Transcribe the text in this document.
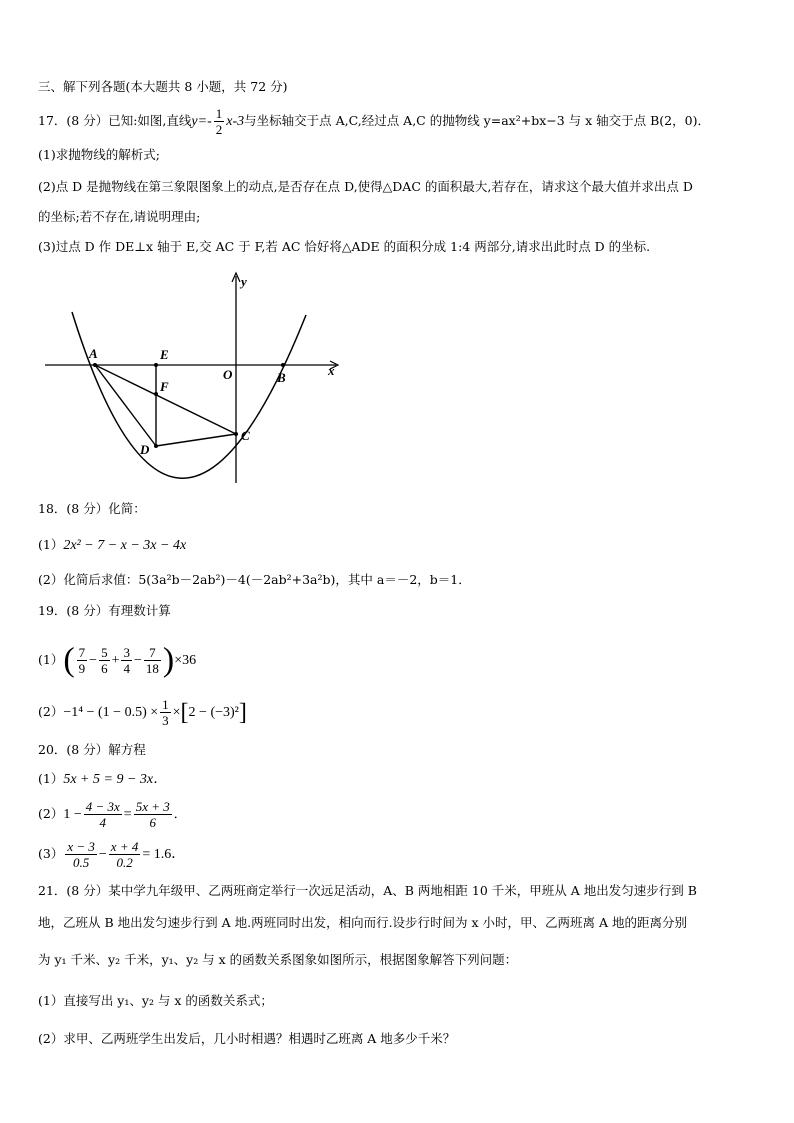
三、解下列各题(本大题共 8 小题，共 72 分)
17．(8 分）已知:如图,直线$y=- \frac{1}{2} x-3$与坐标轴交于点 A,C,经过点 A,C 的抛物线 y=ax²+bx−3 与 x 轴交于点 B(2，0)．
(1)求抛物线的解析式;
(2)点 D 是抛物线在第三象限图象上的动点,是否存在点 D,使得△DAC 的面积最大,若存在，请求这个最大值并求出点 D
的坐标;若不存在,请说明理由;
(3)过点 D 作 DE⊥x 轴于 E,交 AC 于 F,若 AC 恰好将△ADE 的面积分成 1:4 两部分,请求出此时点 D 的坐标.
y
x
O
A
B
C
D
E
F
18．(8 分）化简：
(1）2x² − 7 − x − 3x − 4x
(2）化简后求值：5(3a²b－2ab²)－4(－2ab²+3a²b)，其中 a＝－2，b＝1．
19．(8 分）有理数计算
$(1)( \frac{7}{9} - \frac{5}{6} + \frac{3}{4} - \frac{7}{18} )\times 36$
$(2)-1^4 - (1 - 0.5) \times \frac{1}{3} \times[2 - (-3)^2]$
20．(8 分）解方程
(1）5x + 5 = 9 − 3x．
$(2)1 - \frac{4 - 3x}{4} = \frac{5x + 3}{6}$ ．
$(3) \frac{x - 3}{0.5} - \frac{x + 4}{0.2} = 1.6$．
21．(8 分）某中学九年级甲、乙两班商定举行一次远足活动，A、B 两地相距 10 千米，甲班从 A 地出发匀速步行到 B
地，乙班从 B 地出发匀速步行到 A 地.两班同时出发，相向而行.设步行时间为 x 小时，甲、乙两班离 A 地的距离分别
为 y₁ 千米、y₂ 千米，y₁、y₂ 与 x 的函数关系图象如图所示，根据图象解答下列问题：
(1）直接写出 y₁、y₂ 与 x 的函数关系式；
(2）求甲、乙两班学生出发后，几小时相遇？相遇时乙班离 A 地多少千米？
